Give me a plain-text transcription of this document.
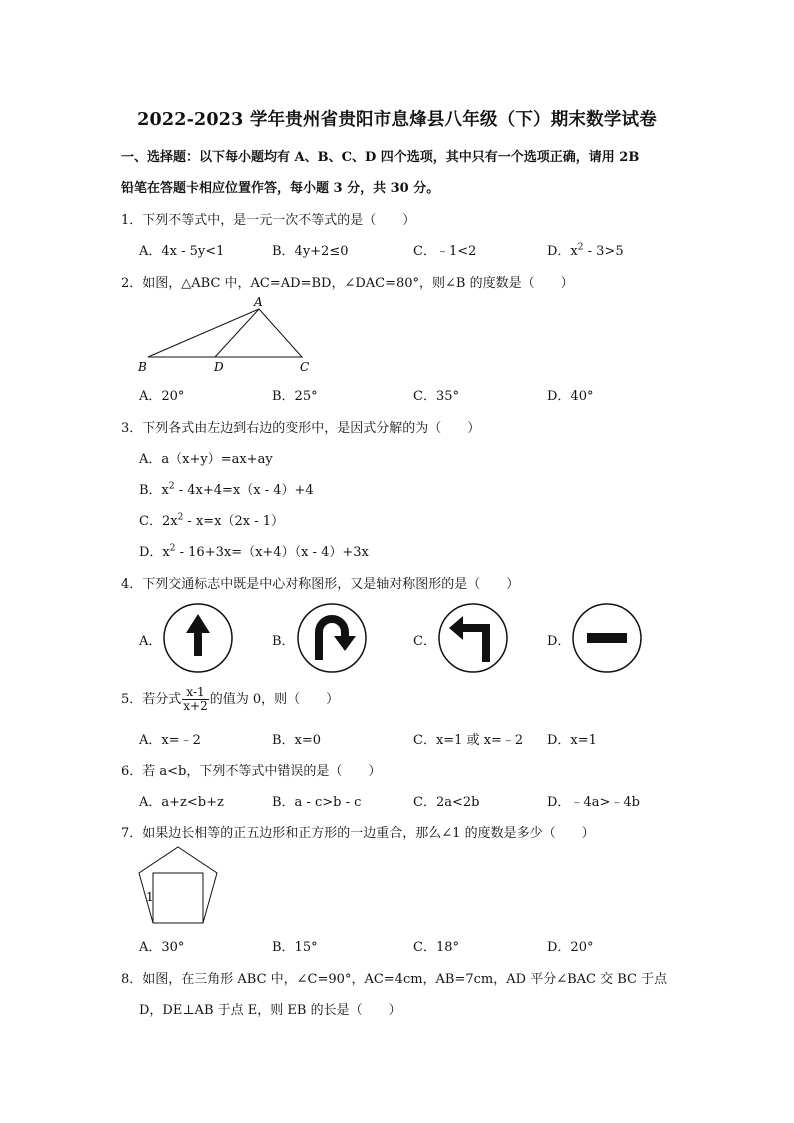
2022-2023 学年贵州省贵阳市息烽县八年级（下）期末数学试卷
一、选择题：以下每小题均有 A、B、C、D 四个选项，其中只有一个选项正确，请用 2B
铅笔在答题卡相应位置作答，每小题 3 分，共 30 分。
1．下列不等式中，是一元一次不等式的是（　　）
A．4x - 5y<1	B．4y+2≤0	C．﹣1<2	D．$x^2 - 3>5$
2．如图，△ABC 中，AC=AD=BD，∠DAC=80°，则∠B 的度数是（　　）
A
B	D	C
A．20°	B．25°	C．35°	D．40°
3．下列各式由左边到右边的变形中，是因式分解的为（　　）
A．a（x+y）=ax+ay
B．$x^2 - 4x+4=x(x - 4)+4$
C．$2x^2 - x=x(2x - 1)$
D．$x^2 - 16+3x=(x+4)(x - 4)+3x$
4．下列交通标志中既是中心对称图形，又是轴对称图形的是（　　）
A．	B．	C．	D．
5．若分式 $\frac{x-1}{x+2}$ 的值为 0，则（　　）
A．x=﹣2	B．x=0	C．x=1 或 x=﹣2 D．x=1
6．若 a<b，下列不等式中错误的是（　　）
A．a+z<b+z	B．a - c>b - c	C．2a<2b	D．﹣4a>﹣4b
7．如果边长相等的正五边形和正方形的一边重合，那么∠1 的度数是多少（　　）
1
A．30°	B．15°	C．18°	D．20°
8．如图，在三角形 ABC 中，∠C=90°，AC=4cm，AB=7cm，AD 平分∠BAC 交 BC 于点
D，DE⊥AB 于点 E，则 EB 的长是（　　）
